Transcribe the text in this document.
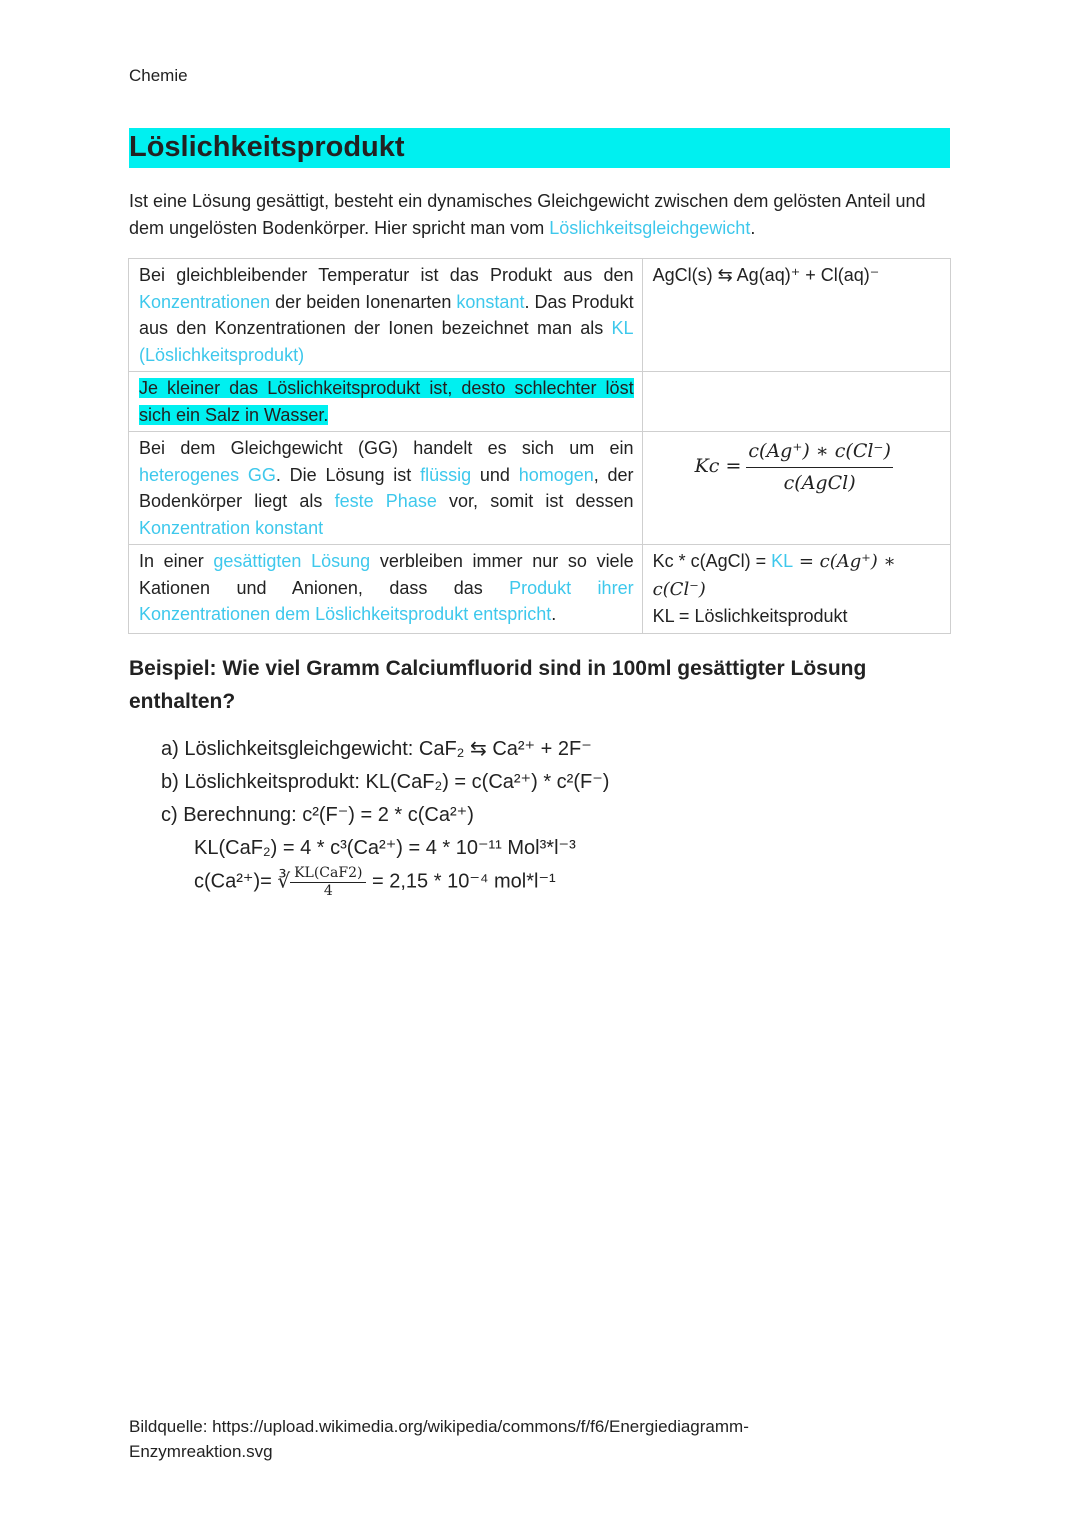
Chemie
Löslichkeitsprodukt
Ist eine Lösung gesättigt, besteht ein dynamisches Gleichgewicht zwischen dem gelösten Anteil und dem ungelösten Bodenkörper. Hier spricht man vom Löslichkeitsgleichgewicht.
Bei gleichbleibender Temperatur ist das Produkt aus den Konzentrationen der beiden Ionenarten konstant. Das Produkt aus den Konzentrationen der Ionen bezeichnet man als KL (Löslichkeitsprodukt)	AgCl(s) ⇆ Ag(aq)⁺ + Cl(aq)⁻
Je kleiner das Löslichkeitsprodukt ist, desto schlechter löst sich ein Salz in Wasser.	
Bei dem Gleichgewicht (GG) handelt es sich um ein heterogenes GG. Die Lösung ist flüssig und homogen, der Bodenkörper liegt als feste Phase vor, somit ist dessen Konzentration konstant	$Kc = \frac{c(Ag^+) ∗ c(Cl^-)}{\text{c(AgCl)}}$

In einer gesättigten Lösung verbleiben immer nur so viele Kationen und Anionen, dass das Produkt ihrer Konzentrationen dem Löslichkeitsprodukt entspricht.	Kc * c(AgCl) = KL = c(Ag⁺) ∗ c(Cl⁻)
KL = Löslichkeitsprodukt
Beispiel: Wie viel Gramm Calciumfluorid sind in 100ml gesättigter Lösung enthalten?
a) Löslichkeitsgleichgewicht: CaF₂ ⇆ Ca²⁺ + 2F⁻
b) Löslichkeitsprodukt: KL(CaF₂) = c(Ca²⁺) * c²(F⁻)
c) Berechnung: c²(F⁻) = 2 * c(Ca²⁺)
KL(CaF₂) = 4 * c³(Ca²⁺) = 4 * 10⁻¹¹ Mol³*l⁻³
c(Ca²⁺)= ∛ $\frac{\text{KL(CaF2)}}{4} = 2,15 * 10^{-4}$ mol*l⁻¹
Bildquelle: https://upload.wikimedia.org/wikipedia/commons/f/f6/Energiediagramm-Enzymreaktion.svg
